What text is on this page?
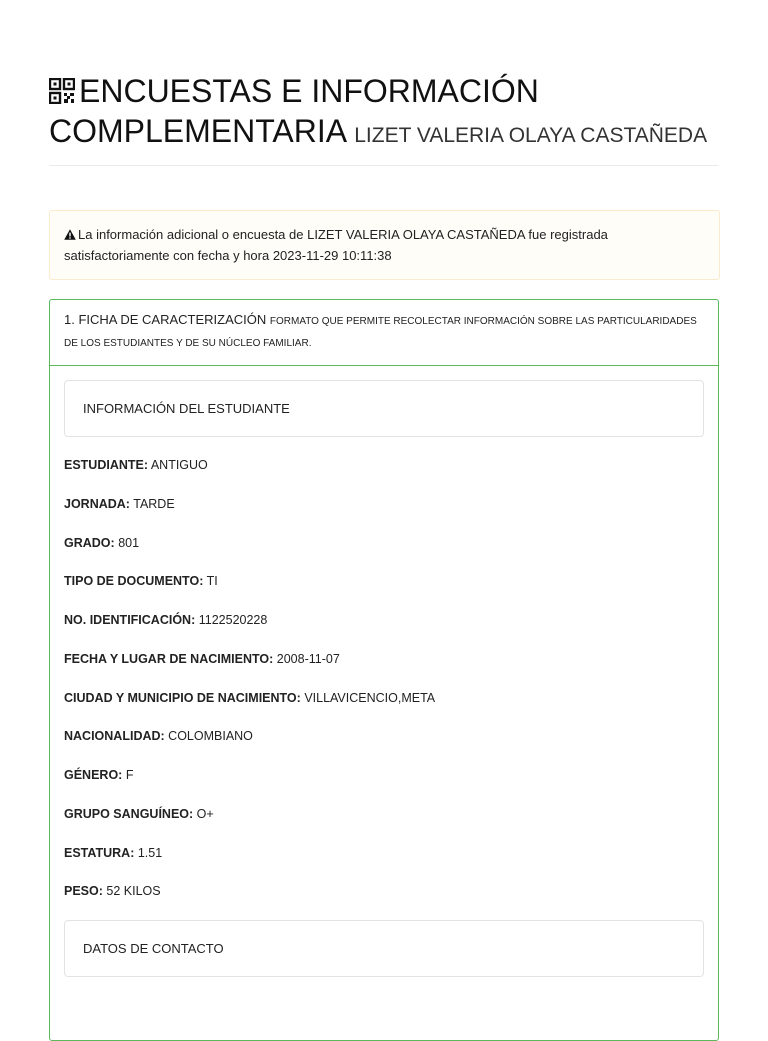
ENCUESTAS E INFORMACIÓN
COMPLEMENTARIA LIZET VALERIA OLAYA CASTAÑEDA
La información adicional o encuesta de LIZET VALERIA OLAYA CASTAÑEDA fue registrada satisfactoriamente con fecha y hora 2023-11-29 10:11:38
1. FICHA DE CARACTERIZACIÓN FORMATO QUE PERMITE RECOLECTAR INFORMACIÓN SOBRE LAS PARTICULARIDADES DE LOS ESTUDIANTES Y DE SU NÚCLEO FAMILIAR.
INFORMACIÓN DEL ESTUDIANTE
ESTUDIANTE: ANTIGUO
JORNADA: TARDE
GRADO: 801
TIPO DE DOCUMENTO: TI
NO. IDENTIFICACIÓN: 1122520228
FECHA Y LUGAR DE NACIMIENTO: 2008-11-07
CIUDAD Y MUNICIPIO DE NACIMIENTO: VILLAVICENCIO,META
NACIONALIDAD: COLOMBIANO
GÉNERO: F
GRUPO SANGUÍNEO: O+
ESTATURA: 1.51
PESO: 52 KILOS
DATOS DE CONTACTO
